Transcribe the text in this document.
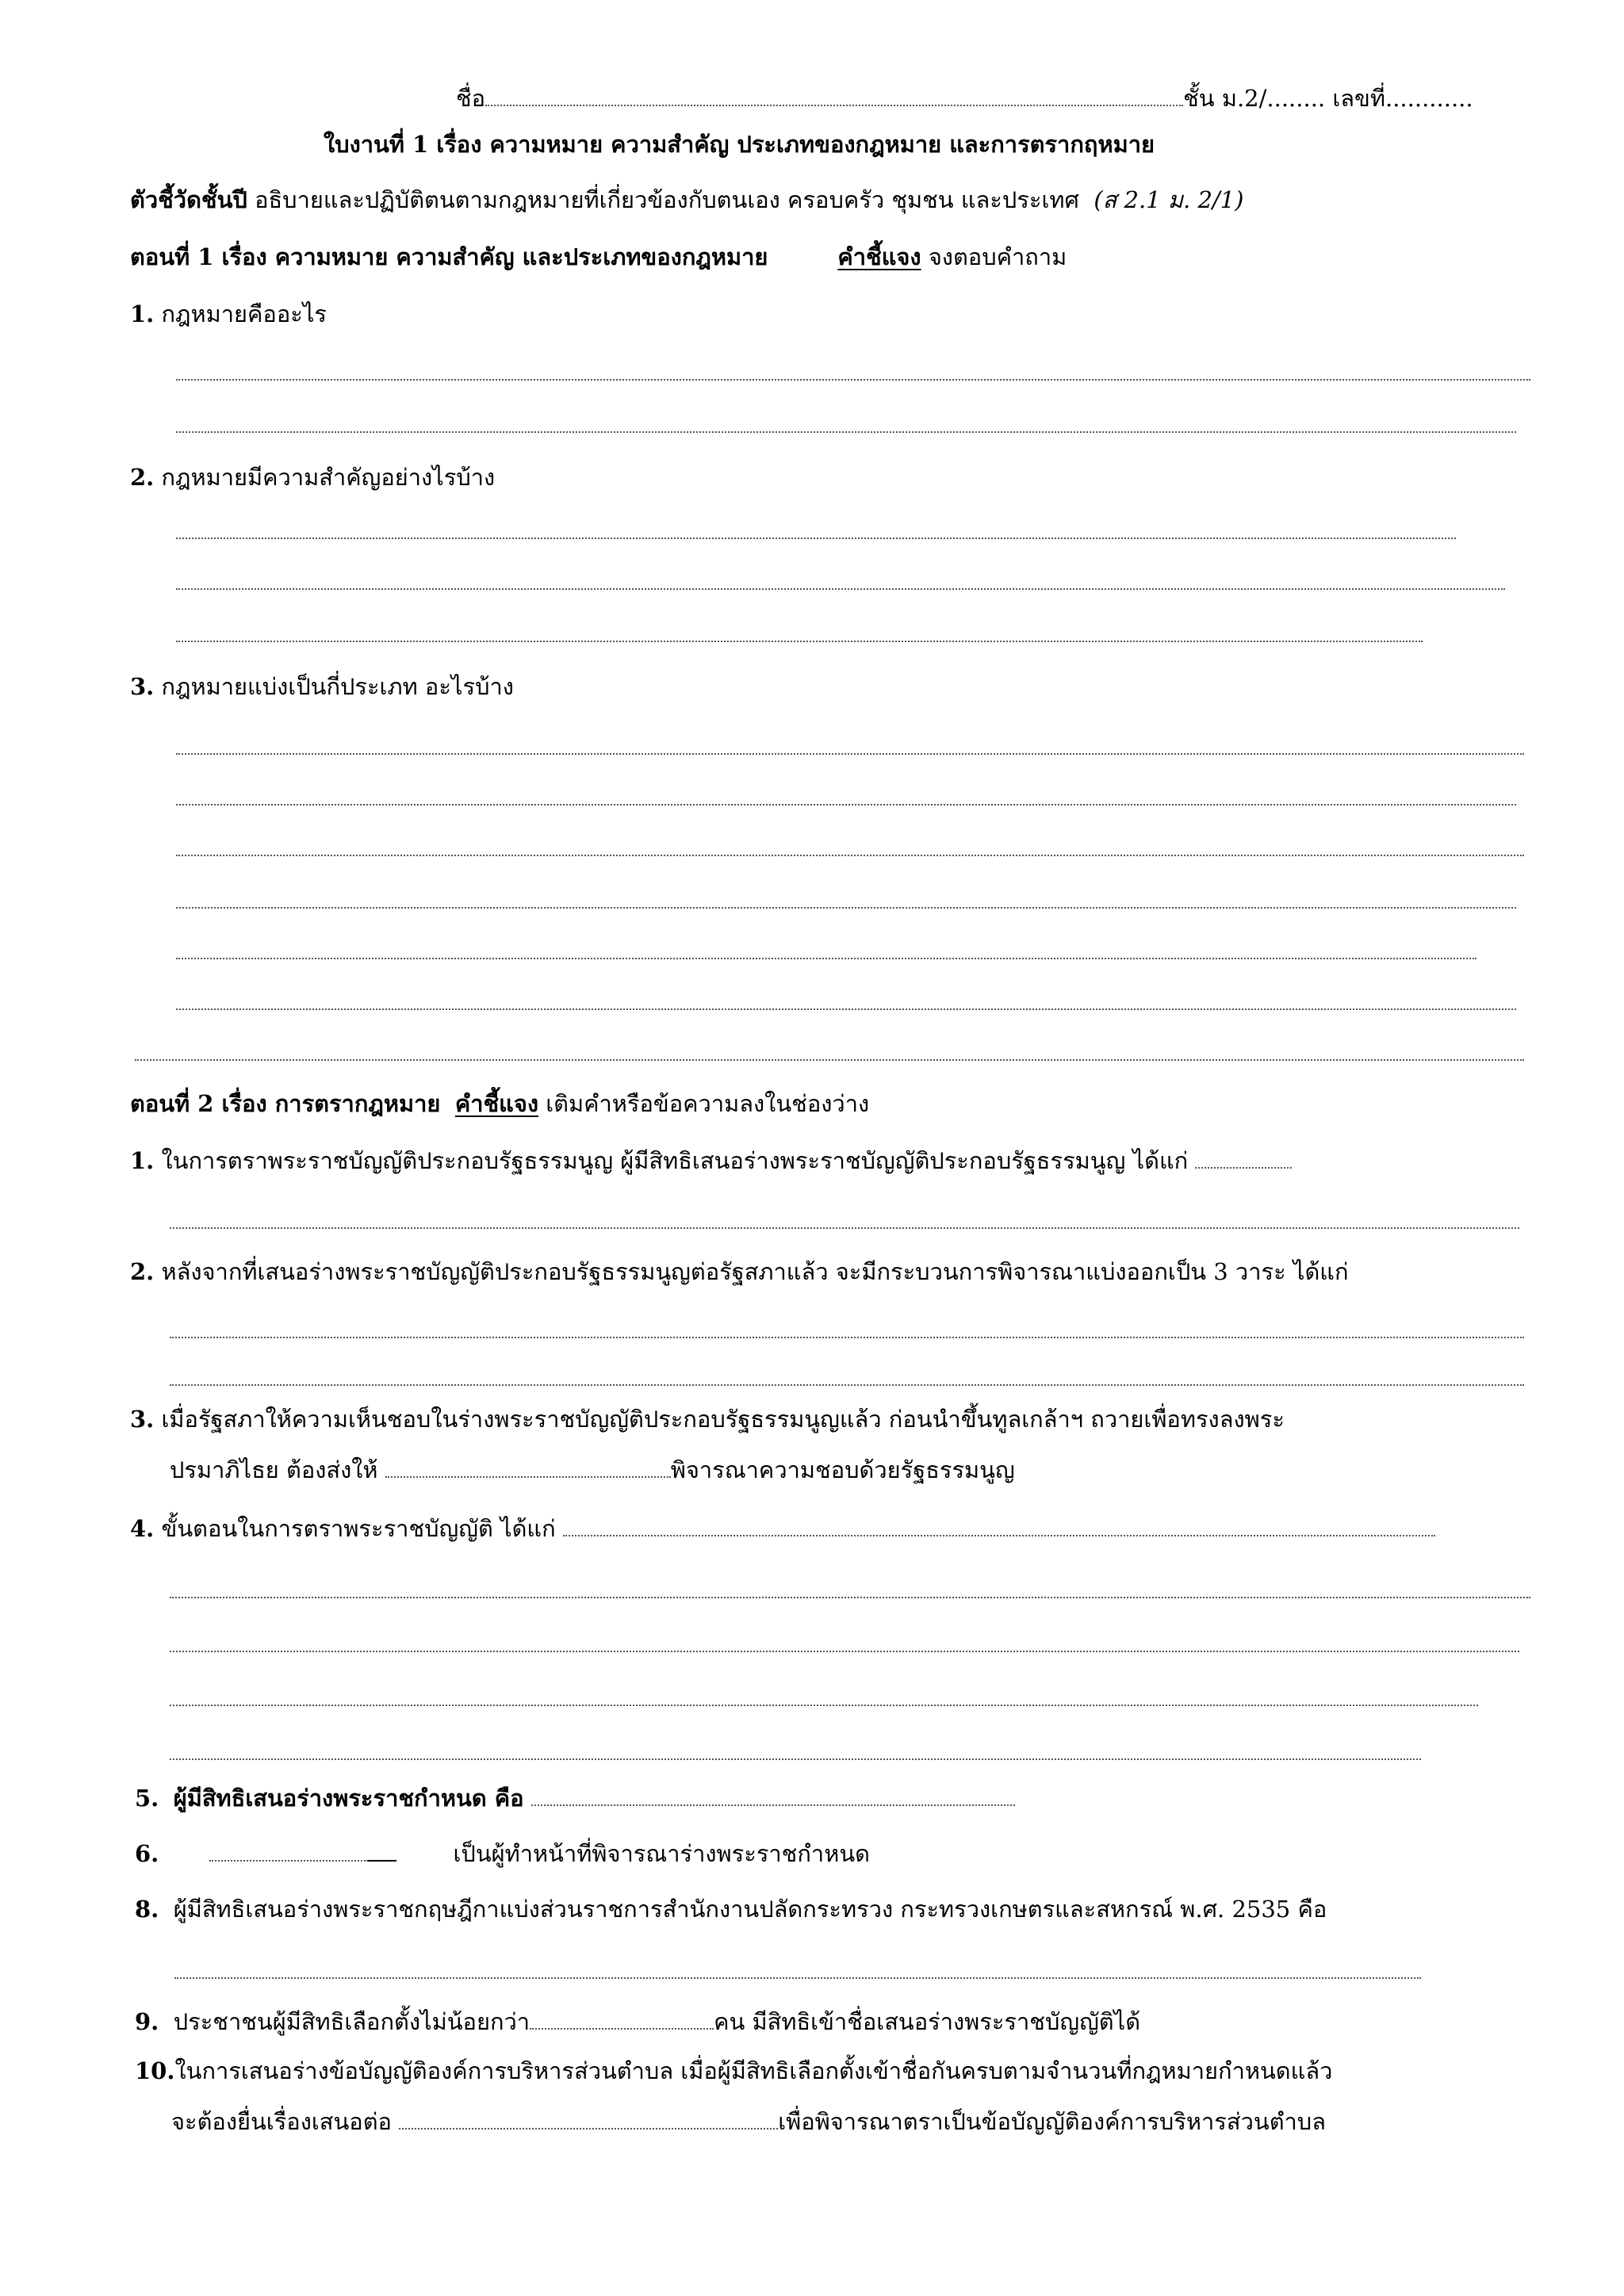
ชื่อ	ชั้น ม.2/........ เลขที่............
ใบงานที่ 1 เรื่อง ความหมาย ความสำคัญ ประเภทของกฎหมาย และการตรากฤหมาย
ตัวชี้วัดชั้นปี อธิบายและปฏิบัติตนตามกฎหมายที่เกี่ยวข้องกับตนเอง ครอบครัว ชุมชน และประเทศ (ส 2.1 ม. 2/1)
ตอนที่ 1 เรื่อง ความหมาย ความสำคัญ และประเภทของกฎหมาย	คำชี้แจง จงตอบคำถาม
1. กฎหมายคืออะไร
2. กฎหมายมีความสำคัญอย่างไรบ้าง
3. กฎหมายแบ่งเป็นกี่ประเภท อะไรบ้าง
ตอนที่ 2 เรื่อง การตรากฎหมาย คำชี้แจง เติมคำหรือข้อความลงในช่องว่าง
1. ในการตราพระราชบัญญัติประกอบรัฐธรรมนูญ ผู้มีสิทธิเสนอร่างพระราชบัญญัติประกอบรัฐธรรมนูญ ได้แก่
2. หลังจากที่เสนอร่างพระราชบัญญัติประกอบรัฐธรรมนูญต่อรัฐสภาแล้ว จะมีกระบวนการพิจารณาแบ่งออกเป็น 3 วาระ ได้แก่
3. เมื่อรัฐสภาให้ความเห็นชอบในร่างพระราชบัญญัติประกอบรัฐธรรมนูญแล้ว ก่อนนำขึ้นทูลเกล้าฯ ถวายเพื่อทรงลงพระ
ปรมาภิไธย ต้องส่งให้	พิจารณาความชอบด้วยรัฐธรรมนูญ
4. ขั้นตอนในการตราพระราชบัญญัติ ได้แก่
5. ผู้มีสิทธิเสนอร่างพระราชกำหนด คือ
6.	เป็นผู้ทำหน้าที่พิจารณาร่างพระราชกำหนด
8. ผู้มีสิทธิเสนอร่างพระราชกฤษฎีกาแบ่งส่วนราชการสำนักงานปลัดกระทรวง กระทรวงเกษตรและสหกรณ์ พ.ศ. 2535 คือ
9. ประชาชนผู้มีสิทธิเลือกตั้งไม่น้อยกว่า	คน มีสิทธิเข้าชื่อเสนอร่างพระราชบัญญัติได้
10.ในการเสนอร่างข้อบัญญัติองค์การบริหารส่วนตำบล เมื่อผู้มีสิทธิเลือกตั้งเข้าชื่อกันครบตามจำนวนที่กฎหมายกำหนดแล้ว
จะต้องยื่นเรื่องเสนอต่อ	เพื่อพิจารณาตราเป็นข้อบัญญัติองค์การบริหารส่วนตำบล
